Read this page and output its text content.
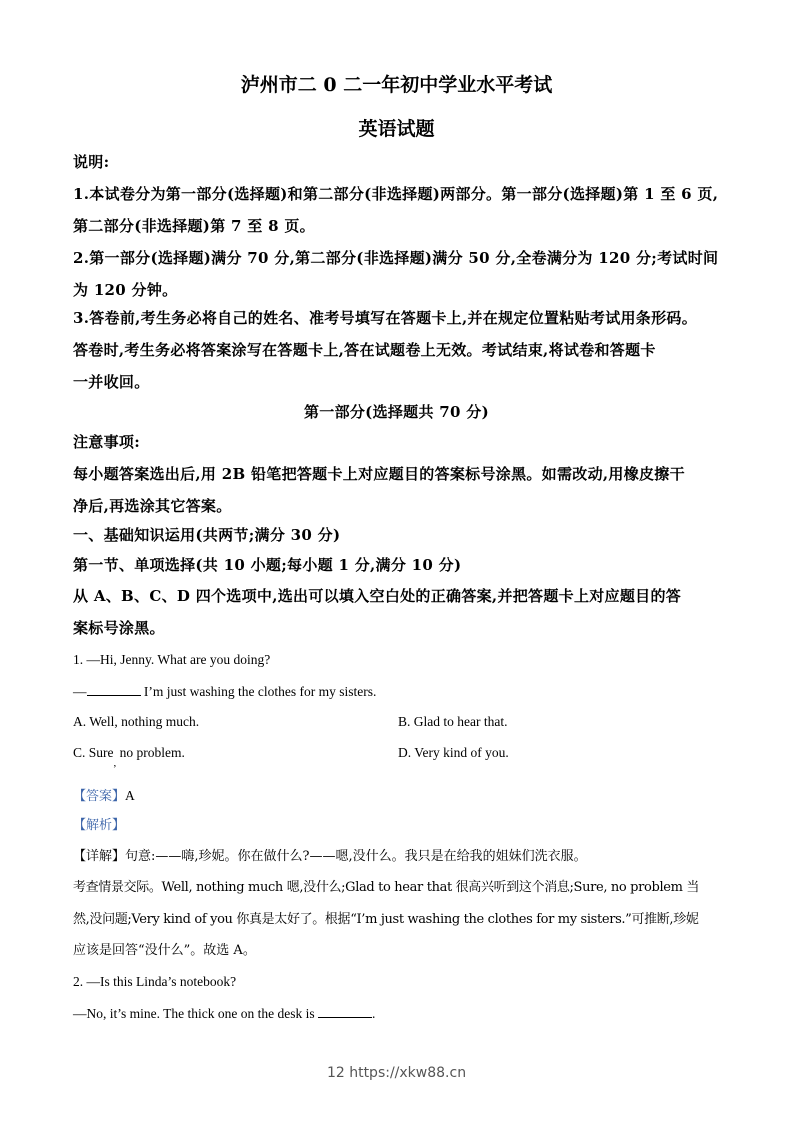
泸州市二 0 二一年初中学业水平考试
英语试题
说明:
1.本试卷分为第一部分(选择题)和第二部分(非选择题)两部分。第一部分(选择题)第 1 至 6 页,
第二部分(非选择题)第 7 至 8 页。
2.第一部分(选择题)满分 70 分,第二部分(非选择题)满分 50 分,全卷满分为 120 分;考试时间
为 120 分钟。
3.答卷前,考生务必将自己的姓名、准考号填写在答题卡上,并在规定位置粘贴考试用条形码。
答卷时,考生务必将答案涂写在答题卡上,答在试题卷上无效。考试结束,将试卷和答题卡
一并收回。
第一部分(选择题共 70 分)
注意事项:
每小题答案选出后,用 2B 铅笔把答题卡上对应题目的答案标号涂黑。如需改动,用橡皮擦干
净后,再选涂其它答案。
一、基础知识运用(共两节;满分 30 分)
第一节、单项选择(共 10 小题;每小题 1 分,满分 10 分)
从 A、B、C、D 四个选项中,选出可以填入空白处的正确答案,并把答题卡上对应题目的答
案标号涂黑。
1. —Hi, Jenny. What are you doing?
—	I’m just washing the clothes for my sisters.
A. Well, nothing much.	B. Glad to hear that.
C. Sure$_,$ no problem.	D. Very kind of you.
【答案】A
【解析】
【详解】句意:——嗨,珍妮。你在做什么?——嗯,没什么。我只是在给我的姐妹们洗衣服。
考查情景交际。Well, nothing much 嗯,没什么;Glad to hear that 很高兴听到这个消息;Sure, no problem 当
然,没问题;Very kind of you 你真是太好了。根据“I’m just washing the clothes for my sisters.”可推断,珍妮
应该是回答“没什么”。故选 A。
2. —Is this Linda’s notebook?
—No, it’s mine. The thick one on the desk is	.
12 https://xkw88.cn
